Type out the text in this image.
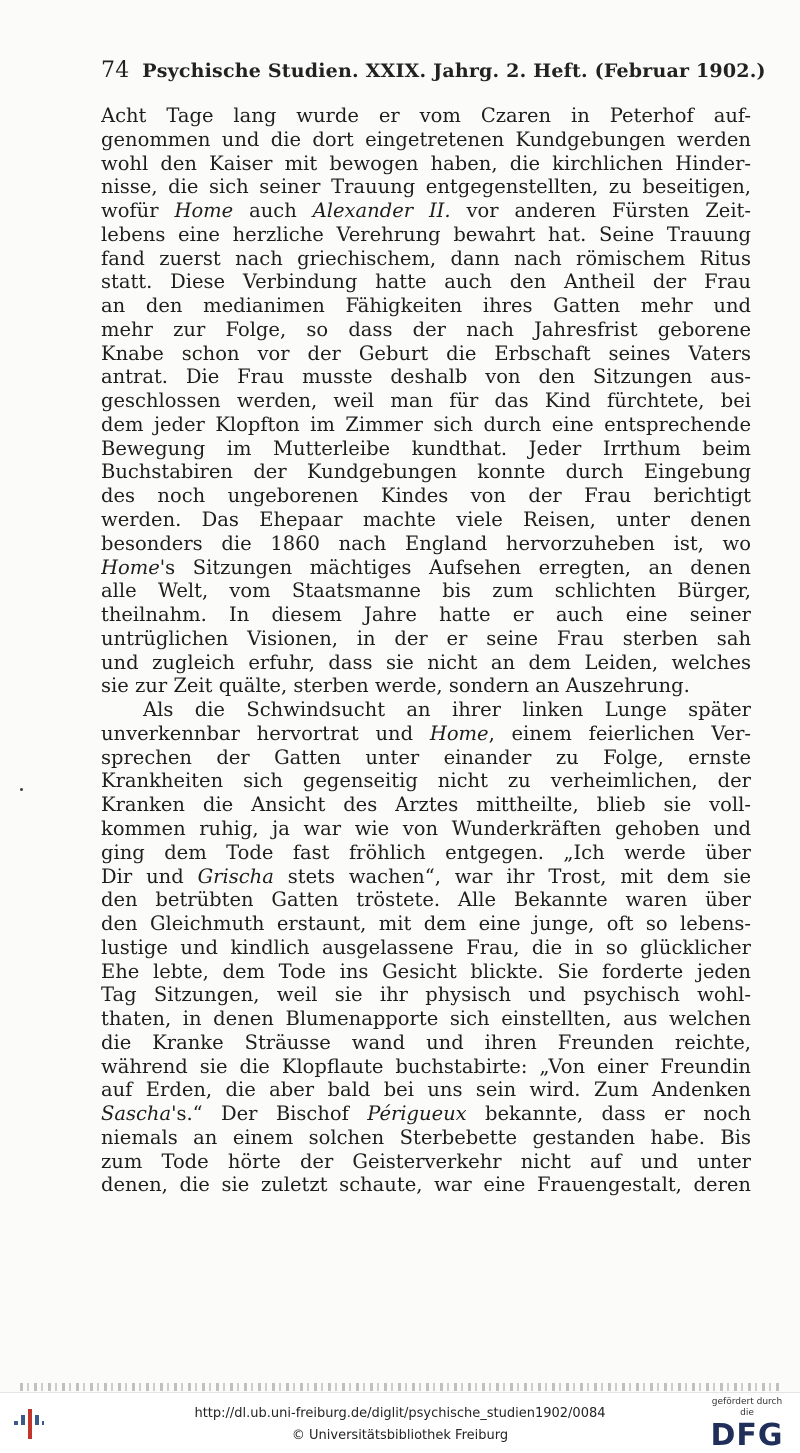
74 Psychische Studien. XXIX. Jahrg. 2. Heft. (Februar 1902.)
Acht Tage lang wurde er vom Czaren in Peterhof auf-
genommen und die dort eingetretenen Kundgebungen werden
wohl den Kaiser mit bewogen haben, die kirchlichen Hinder-
nisse, die sich seiner Trauung entgegenstellten, zu beseitigen,
wofür Home auch Alexander II. vor anderen Fürsten Zeit-
lebens eine herzliche Verehrung bewahrt hat. Seine Trauung
fand zuerst nach griechischem, dann nach römischem Ritus
statt. Diese Verbindung hatte auch den Antheil der Frau
an den medianimen Fähigkeiten ihres Gatten mehr und
mehr zur Folge, so dass der nach Jahresfrist geborene
Knabe schon vor der Geburt die Erbschaft seines Vaters
antrat. Die Frau musste deshalb von den Sitzungen aus-
geschlossen werden, weil man für das Kind fürchtete, bei
dem jeder Klopfton im Zimmer sich durch eine entsprechende
Bewegung im Mutterleibe kundthat. Jeder Irrthum beim
Buchstabiren der Kundgebungen konnte durch Eingebung
des noch ungeborenen Kindes von der Frau berichtigt
werden. Das Ehepaar machte viele Reisen, unter denen
besonders die 1860 nach England hervorzuheben ist, wo
Home's Sitzungen mächtiges Aufsehen erregten, an denen
alle Welt, vom Staatsmanne bis zum schlichten Bürger,
theilnahm. In diesem Jahre hatte er auch eine seiner
untrüglichen Visionen, in der er seine Frau sterben sah
und zugleich erfuhr, dass sie nicht an dem Leiden, welches
sie zur Zeit quälte, sterben werde, sondern an Auszehrung.
Als die Schwindsucht an ihrer linken Lunge später
unverkennbar hervortrat und Home, einem feierlichen Ver-
sprechen der Gatten unter einander zu Folge, ernste
Krankheiten sich gegenseitig nicht zu verheimlichen, der
Kranken die Ansicht des Arztes mittheilte, blieb sie voll-
kommen ruhig, ja war wie von Wunderkräften gehoben und
ging dem Tode fast fröhlich entgegen. „Ich werde über
Dir und Grischa stets wachen“, war ihr Trost, mit dem sie
den betrübten Gatten tröstete. Alle Bekannte waren über
den Gleichmuth erstaunt, mit dem eine junge, oft so lebens-
lustige und kindlich ausgelassene Frau, die in so glücklicher
Ehe lebte, dem Tode ins Gesicht blickte. Sie forderte jeden
Tag Sitzungen, weil sie ihr physisch und psychisch wohl-
thaten, in denen Blumenapporte sich einstellten, aus welchen
die Kranke Sträusse wand und ihren Freunden reichte,
während sie die Klopflaute buchstabirte: „Von einer Freundin
auf Erden, die aber bald bei uns sein wird. Zum Andenken
Sascha's.“ Der Bischof Périgueux bekannte, dass er noch
niemals an einem solchen Sterbebette gestanden habe. Bis
zum Tode hörte der Geisterverkehr nicht auf und unter
denen, die sie zuletzt schaute, war eine Frauengestalt, deren
http://dl.ub.uni-freiburg.de/diglit/psychische_studien1902/0084
© Universitätsbibliothek Freiburg
gefördert durch die
DFG
